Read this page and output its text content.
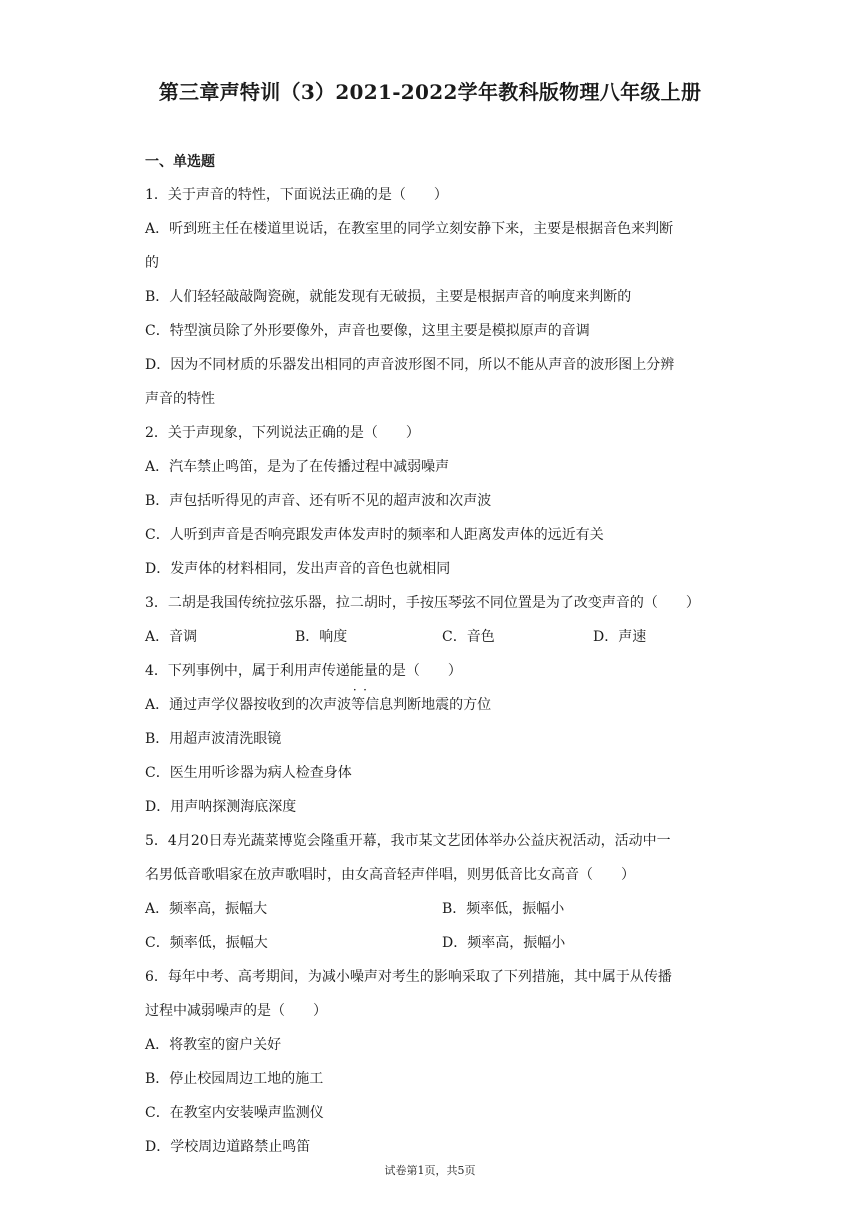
第三章声特训（3）2021-2022学年教科版物理八年级上册
一、单选题
1．关于声音的特性，下面说法正确的是（　　）
A．听到班主任在楼道里说话，在教室里的同学立刻安静下来，主要是根据音色来判断
的
B．人们轻轻敲敲陶瓷碗，就能发现有无破损，主要是根据声音的响度来判断的
C．特型演员除了外形要像外，声音也要像，这里主要是模拟原声的音调
D．因为不同材质的乐器发出相同的声音波形图不同，所以不能从声音的波形图上分辨
声音的特性
2．关于声现象，下列说法正确的是（　　）
A．汽车禁止鸣笛，是为了在传播过程中减弱噪声
B．声包括听得见的声音、还有听不见的超声波和次声波
C．人听到声音是否响亮跟发声体发声时的频率和人距离发声体的远近有关
D．发声体的材料相同，发出声音的音色也就相同
3．二胡是我国传统拉弦乐器，拉二胡时，手按压琴弦不同位置是为了改变声音的（　　）
A．音调	B．响度	C．音色	D．声速
4．下列事例中，属于利用声传递能量 · ·的是（　　）
A．通过声学仪器按收到的次声波等信息判断地震的方位
B．用超声波清洗眼镜
C．医生用听诊器为病人检查身体
D．用声呐探测海底深度
5．4月20日寿光蔬菜博览会隆重开幕，我市某文艺团体举办公益庆祝活动，活动中一
名男低音歌唱家在放声歌唱时，由女高音轻声伴唱，则男低音比女高音（　　）
A．频率高，振幅大	B．频率低，振幅小
C．频率低，振幅大	D．频率高，振幅小
6．每年中考、高考期间，为减小噪声对考生的影响采取了下列措施，其中属于从传播
过程中减弱噪声的是（　　）
A．将教室的窗户关好
B．停止校园周边工地的施工
C．在教室内安装噪声监测仪
D．学校周边道路禁止鸣笛
试卷第1页，共5页
